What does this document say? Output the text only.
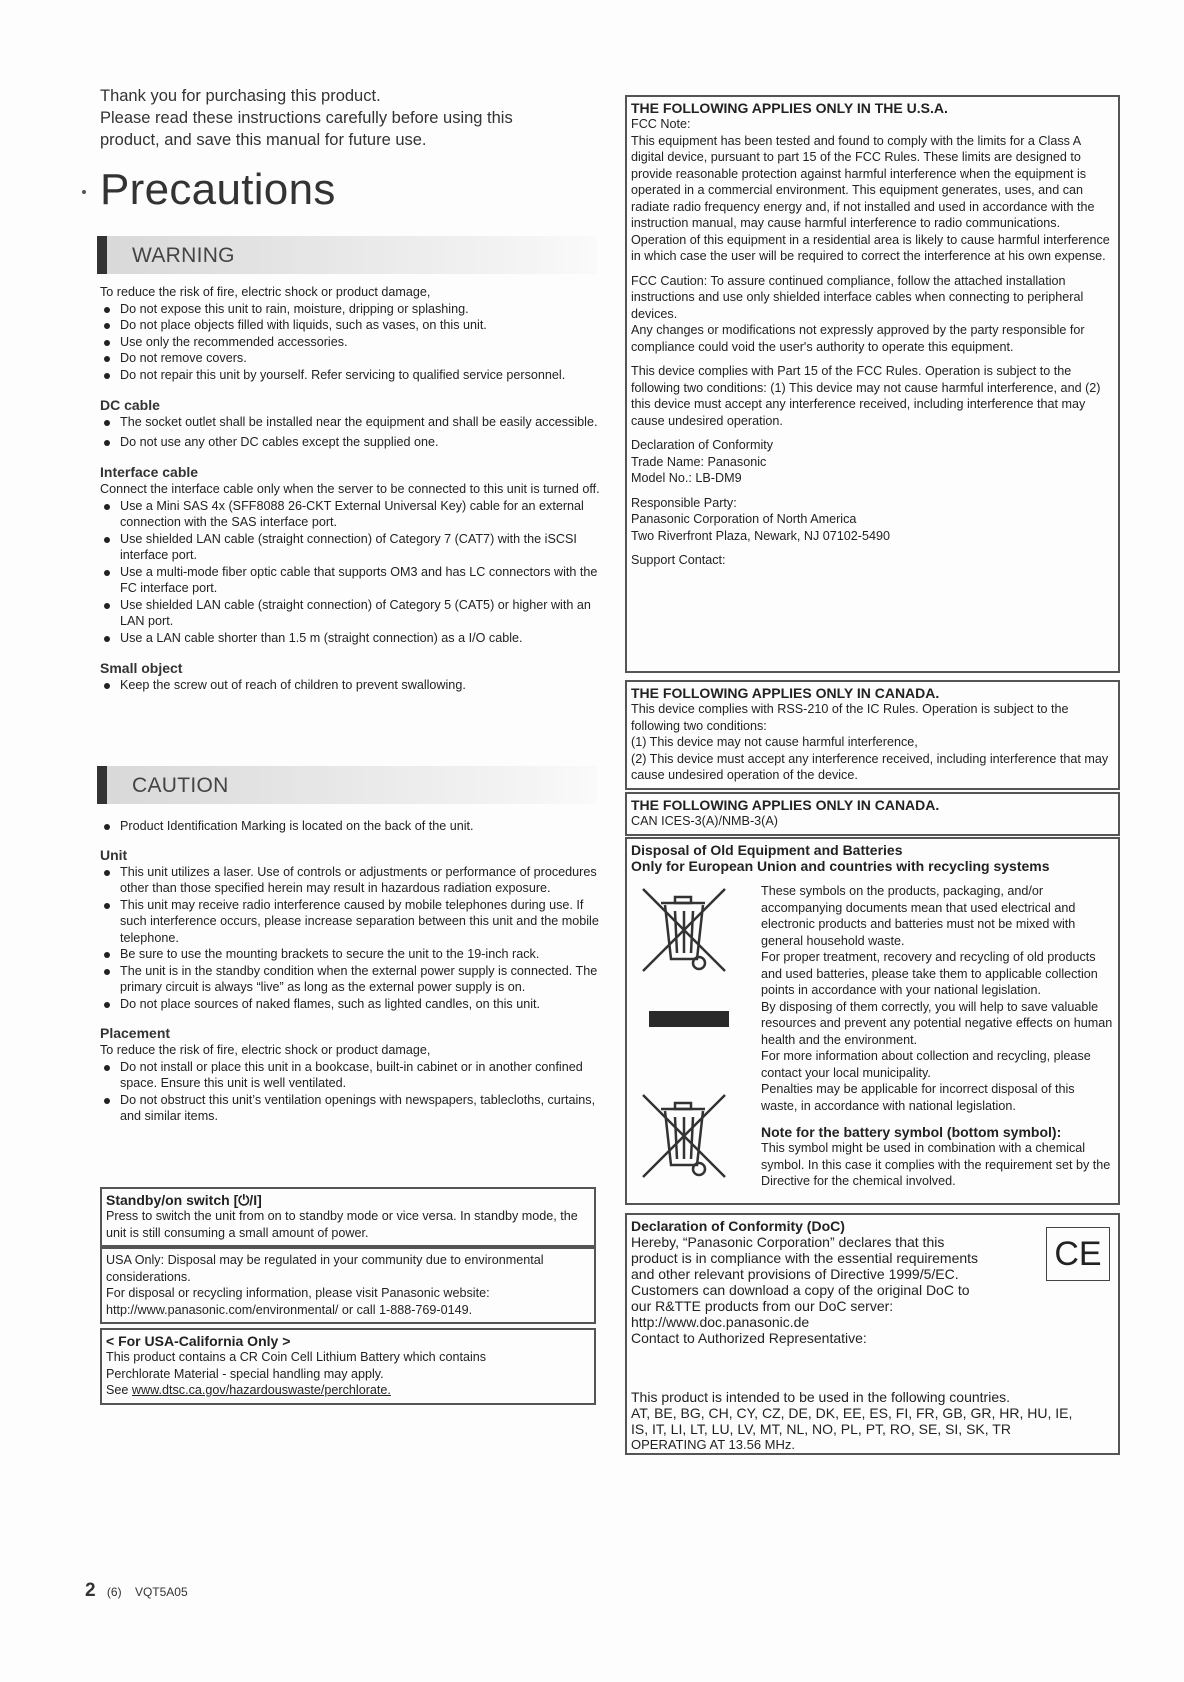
Thank you for purchasing this product.
Please read these instructions carefully before using this
product, and save this manual for future use.
Precautions
WARNING
To reduce the risk of fire, electric shock or product damage,
Do not expose this unit to rain, moisture, dripping or splashing.
Do not place objects filled with liquids, such as vases, on this unit.
Use only the recommended accessories.
Do not remove covers.
Do not repair this unit by yourself. Refer servicing to qualified service personnel.
DC cable
The socket outlet shall be installed near the equipment and shall be easily accessible.
Do not use any other DC cables except the supplied one.
Interface cable
Connect the interface cable only when the server to be connected to this unit is turned off.
Use a Mini SAS 4x (SFF8088 26-CKT External Universal Key) cable for an external connection with the SAS interface port.
Use shielded LAN cable (straight connection) of Category 7 (CAT7) with the iSCSI interface port.
Use a multi-mode fiber optic cable that supports OM3 and has LC connectors with the FC interface port.
Use shielded LAN cable (straight connection) of Category 5 (CAT5) or higher with an LAN port.
Use a LAN cable shorter than 1.5 m (straight connection) as a I/O cable.
Small object
Keep the screw out of reach of children to prevent swallowing.
CAUTION
Product Identification Marking is located on the back of the unit.
Unit
This unit utilizes a laser. Use of controls or adjustments or performance of procedures other than those specified herein may result in hazardous radiation exposure.
This unit may receive radio interference caused by mobile telephones during use. If such interference occurs, please increase separation between this unit and the mobile telephone.
Be sure to use the mounting brackets to secure the unit to the 19-inch rack.
The unit is in the standby condition when the external power supply is connected. The primary circuit is always “live” as long as the external power supply is on.
Do not place sources of naked flames, such as lighted candles, on this unit.
Placement
To reduce the risk of fire, electric shock or product damage,
Do not install or place this unit in a bookcase, built-in cabinet or in another confined space. Ensure this unit is well ventilated.
Do not obstruct this unit’s ventilation openings with newspapers, tablecloths, curtains, and similar items.
Standby/on switch [⏻/I]
Press to switch the unit from on to standby mode or vice versa. In standby mode, the unit is still consuming a small amount of power.
USA Only: Disposal may be regulated in your community due to environmental considerations.
For disposal or recycling information, please visit Panasonic website: http://www.panasonic.com/environmental/ or call 1-888-769-0149.
< For USA-California Only >
This product contains a CR Coin Cell Lithium Battery which contains
Perchlorate Material - special handling may apply.
See www.dtsc.ca.gov/hazardouswaste/perchlorate.
THE FOLLOWING APPLIES ONLY IN THE U.S.A.
FCC Note:

This equipment has been tested and found to comply with the limits for a Class A digital device, pursuant to part 15 of the FCC Rules. These limits are designed to provide reasonable protection against harmful interference when the equipment is operated in a commercial environment. This equipment generates, uses, and can radiate radio frequency energy and, if not installed and used in accordance with the instruction manual, may cause harmful interference to radio communications. Operation of this equipment in a residential area is likely to cause harmful interference in which case the user will be required to correct the interference at his own expense.

FCC Caution: To assure continued compliance, follow the attached installation instructions and use only shielded interface cables when connecting to peripheral devices.

Any changes or modifications not expressly approved by the party responsible for compliance could void the user's authority to operate this equipment.

This device complies with Part 15 of the FCC Rules. Operation is subject to the following two conditions: (1) This device may not cause harmful interference, and (2) this device must accept any interference received, including interference that may cause undesired operation.

Declaration of Conformity
Trade Name: Panasonic
Model No.: LB-DM9

Responsible Party:
Panasonic Corporation of North America
Two Riverfront Plaza, Newark, NJ 07102-5490

Support Contact:
THE FOLLOWING APPLIES ONLY IN CANADA.
This device complies with RSS-210 of the IC Rules. Operation is subject to the following two conditions:
(1) This device may not cause harmful interference,
(2) This device must accept any interference received, including interference that may cause undesired operation of the device.
THE FOLLOWING APPLIES ONLY IN CANADA.
CAN ICES-3(A)/NMB-3(A)
Disposal of Old Equipment and Batteries
Only for European Union and countries with recycling systems
These symbols on the products, packaging, and/or accompanying documents mean that used electrical and electronic products and batteries must not be mixed with general household waste.
For proper treatment, recovery and recycling of old products and used batteries, please take them to applicable collection points in accordance with your national legislation.
By disposing of them correctly, you will help to save valuable resources and prevent any potential negative effects on human health and the environment.
For more information about collection and recycling, please contact your local municipality.
Penalties may be applicable for incorrect disposal of this waste, in accordance with national legislation.
Note for the battery symbol (bottom symbol):
This symbol might be used in combination with a chemical symbol. In this case it complies with the requirement set by the Directive for the chemical involved.
Declaration of Conformity (DoC)
Hereby, “Panasonic Corporation” declares that this
product is in compliance with the essential requirements
and other relevant provisions of Directive 1999/5/EC.
Customers can download a copy of the original DoC to
our R&TTE products from our DoC server:
http://www.doc.panasonic.de
Contact to Authorized Representative:
CE
This product is intended to be used in the following countries.
AT, BE, BG, CH, CY, CZ, DE, DK, EE, ES, FI, FR, GB, GR, HR, HU, IE,
IS, IT, LI, LT, LU, LV, MT, NL, NO, PL, PT, RO, SE, SI, SK, TR
OPERATING AT 13.56 MHz.
2 (6) VQT5A05
